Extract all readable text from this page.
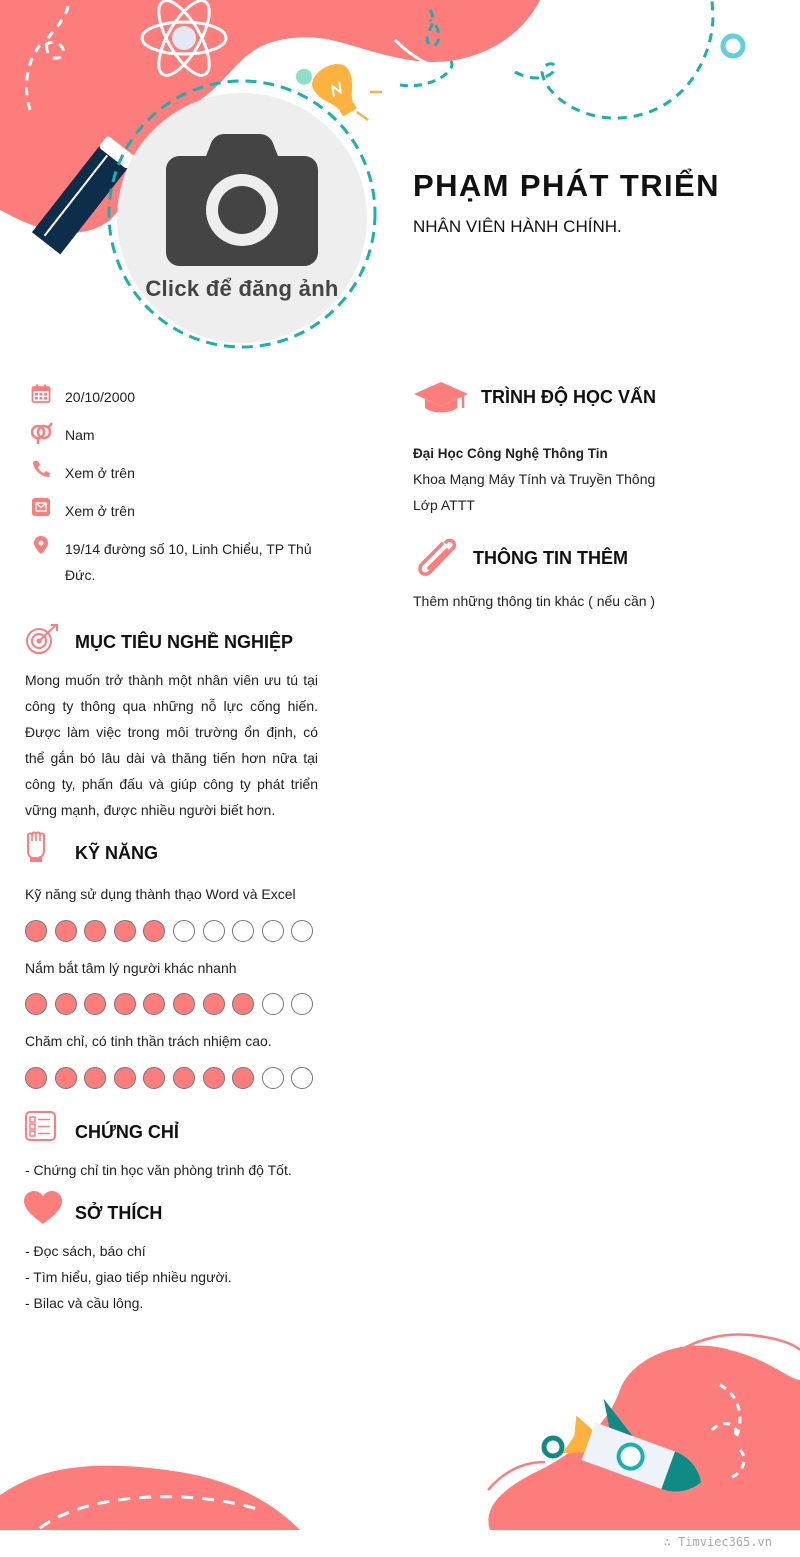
Click để đăng ảnh
PHẠM PHÁT TRIỂN
NHÂN VIÊN HÀNH CHÍNH.
20/10/2000
Nam
Xem ở trên
Xem ở trên
19/14 đường số 10, Linh Chiểu, TP Thủ Đức.
MỤC TIÊU NGHỀ NGHIỆP
Mong muốn trở thành một nhân viên ưu tú tại công ty thông qua những nỗ lực cống hiến. Được làm việc trong môi trường ổn định, có thể gắn bó lâu dài và thăng tiến hơn nữa tại công ty, phấn đấu và giúp công ty phát triển vững mạnh, được nhiều người biết hơn.
KỸ NĂNG
Kỹ năng sử dụng thành thạo Word và Excel
Nắm bắt tâm lý người khác nhanh
Chăm chỉ, có tinh thần trách nhiệm cao.
CHỨNG CHỈ
- Chứng chỉ tin học văn phòng trình độ Tốt.
SỞ THÍCH
- Đọc sách, báo chí
- Tìm hiểu, giao tiếp nhiều người.
- Bilac và cầu lông.
TRÌNH ĐỘ HỌC VẤN
Đại Học Công Nghệ Thông Tin
Khoa Mạng Máy Tính và Truyền Thông
Lớp ATTT
THÔNG TIN THÊM
Thêm những thông tin khác ( nếu cần )
∴ Timviec365.vn
